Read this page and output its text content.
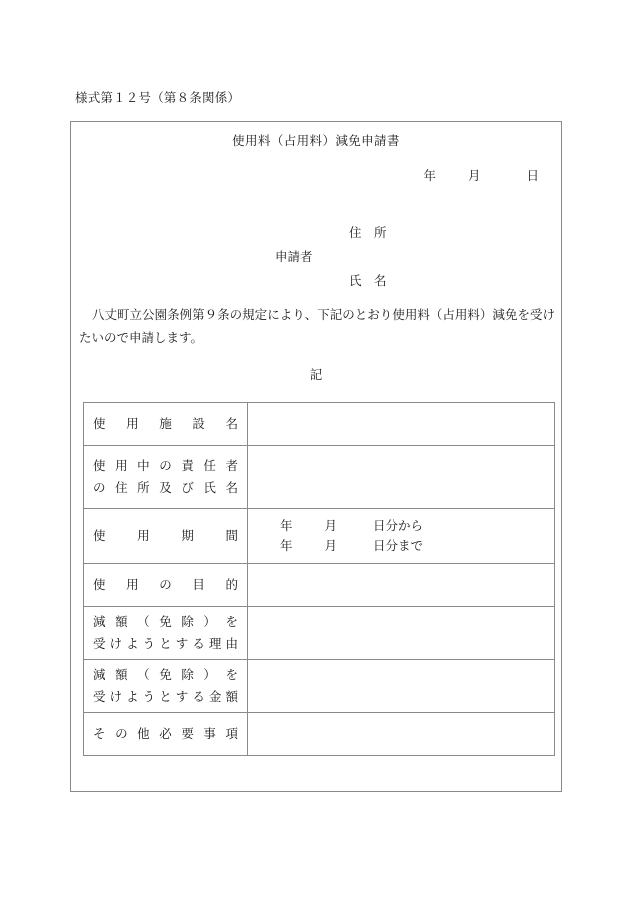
様式第１２号（第８条関係）
使用料（占用料）減免申請書
年	月	日
申請者
住　所
氏　名
八丈町立公園条例第９条の規定により、下記のとおり使用料（占用料）減免を受けたいので申請します。
記
使用施設名	

使用中の責任者
の住所及び氏名	

使用期間	年 月 日分から
年 月 日分まで

使用の目的	

減額（免除）を
受けようとする理由	

減額（免除）を
受けようとする金額	

その他必要事項	
